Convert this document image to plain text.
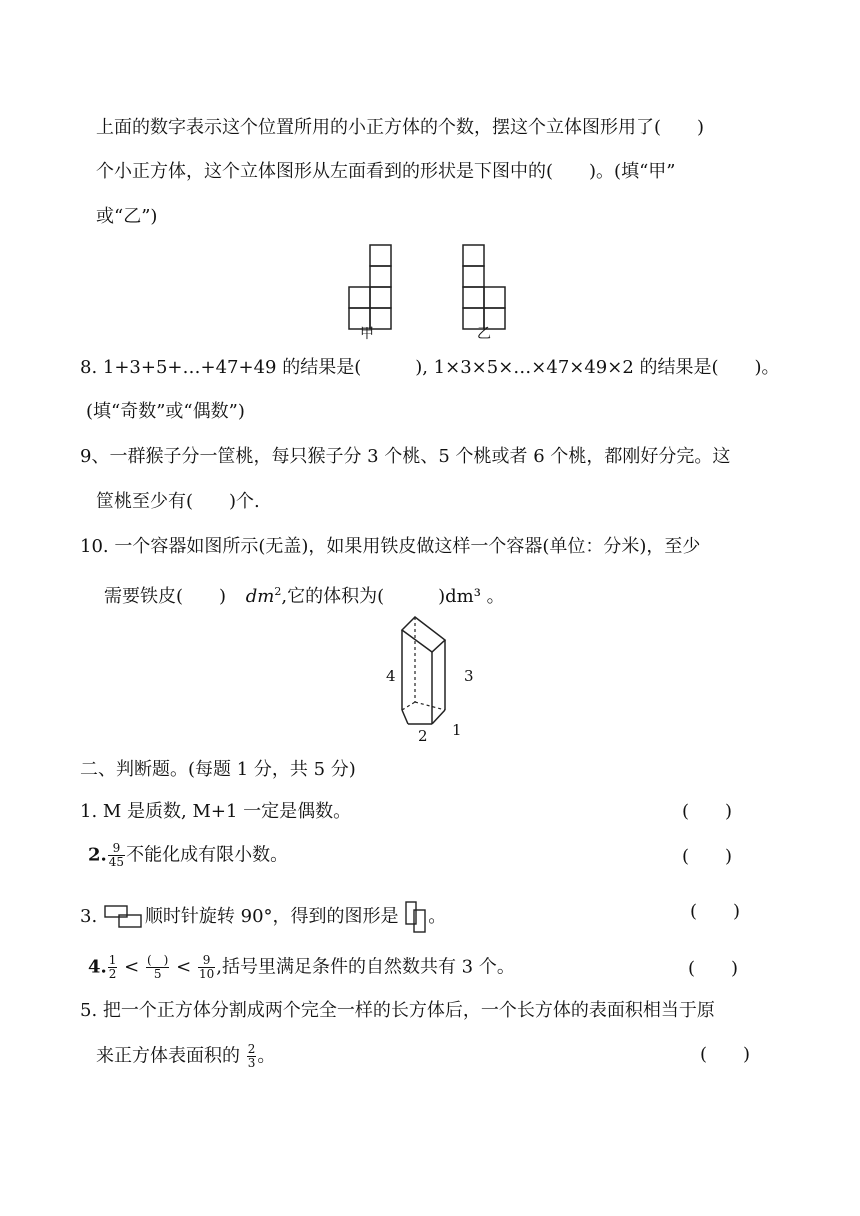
上面的数字表示这个位置所用的小正方体的个数，摆这个立体图形用了(　　)
个小正方体，这个立体图形从左面看到的形状是下图中的(　　)。(填“甲”
或“乙”)
甲	乙
8. 1+3+5+…+47+49 的结果是(　　　), 1×3×5×…×47×49×2 的结果是(　　)。
(填“奇数”或“偶数”)
9、一群猴子分一筐桃，每只猴子分 3 个桃、5 个桃或者 6 个桃，都刚好分完。这
筐桃至少有(　　)个.
10. 一个容器如图所示(无盖)，如果用铁皮做这样一个容器(单位：分米)，至少
需要铁皮(　　) $dm^2$,它的体积为(　　　)dm³ 。
4	3
2 1
二、判断题。(每题 1 分，共 5 分)
1. M 是质数, M+1 一定是偶数。	(　　)
2. $\frac{9}{45}$ 不能化成有限小数。	(　　)
3.	顺时针旋转 90°，得到的图形是 。	(　　)
4. $\frac{1}{2} < \frac{( )}{5} < \frac{9}{10}$ ,括号里满足条件的自然数共有 3 个。	(　　)
5. 把一个正方体分割成两个完全一样的长方体后，一个长方体的表面积相当于原
来正方体表面积的 $\frac{2}{3}$ 。	(　　)
